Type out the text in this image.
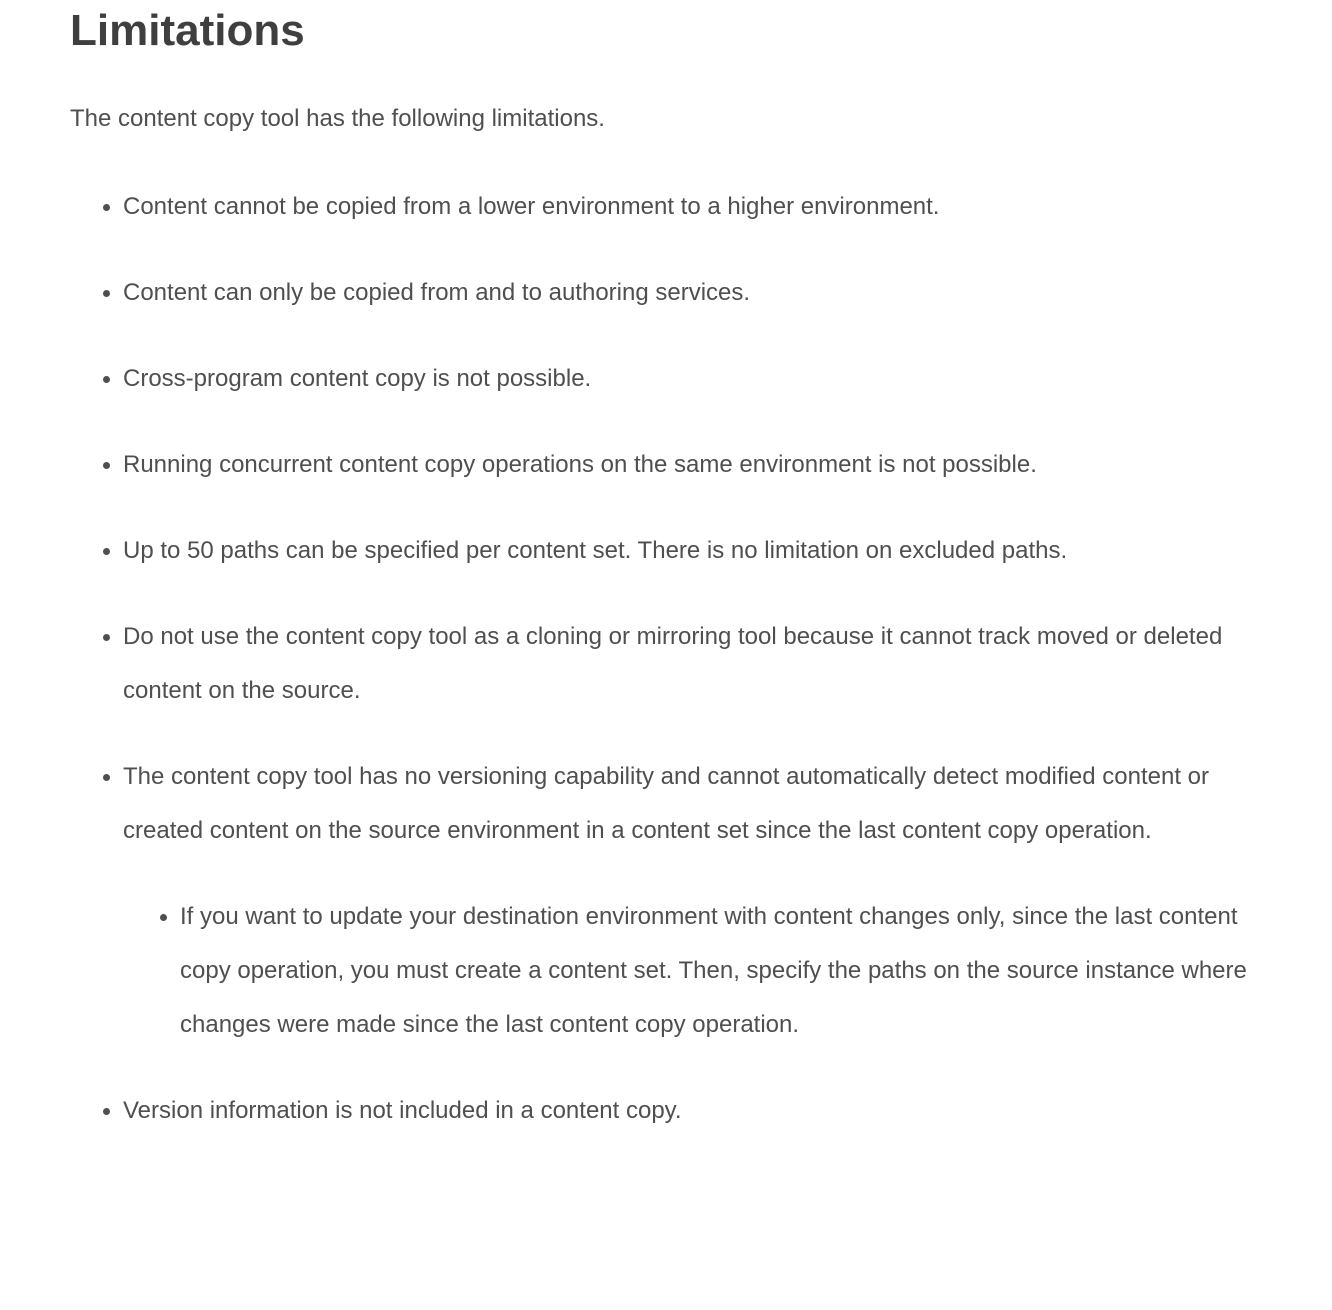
Limitations

The content copy tool has the following limitations.

• Content cannot be copied from a lower environment to a higher environment.
• Content can only be copied from and to authoring services.
• Cross-program content copy is not possible.
• Running concurrent content copy operations on the same environment is not possible.
• Up to 50 paths can be specified per content set. There is no limitation on excluded paths.
• Do not use the content copy tool as a cloning or mirroring tool because it cannot track moved or deleted content on the source.
• The content copy tool has no versioning capability and cannot automatically detect modified content or created content on the source environment in a content set since the last content copy operation.
• If you want to update your destination environment with content changes only, since the last content copy operation, you must create a content set. Then, specify the paths on the source instance where changes were made since the last content copy operation.
• Version information is not included in a content copy.
